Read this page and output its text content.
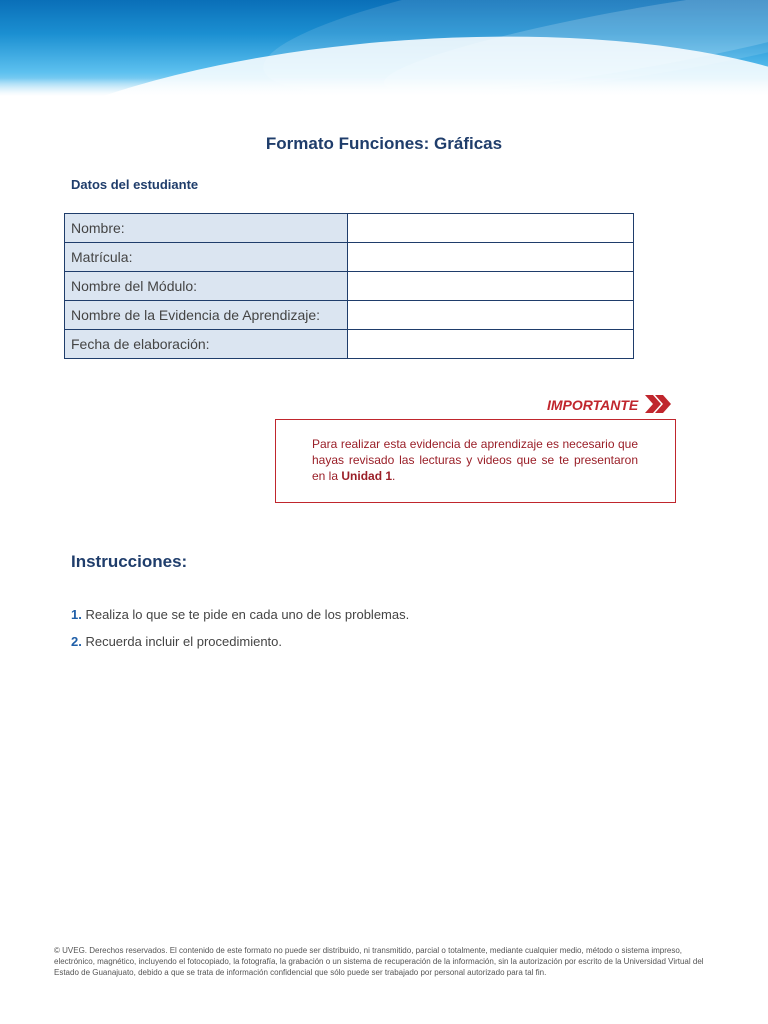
Formato Funciones: Gráficas
Datos del estudiante
Nombre:	
Matrícula:	
Nombre del Módulo:	
Nombre de la Evidencia de Aprendizaje:	
Fecha de elaboración:	
IMPORTANTE
Para realizar esta evidencia de aprendizaje es necesario que hayas revisado las lecturas y videos que se te presentaron en la Unidad 1.
Instrucciones:
1. Realiza lo que se te pide en cada uno de los problemas.
2. Recuerda incluir el procedimiento.
© UVEG. Derechos reservados. El contenido de este formato no puede ser distribuido, ni transmitido, parcial o totalmente, mediante cualquier medio, método o sistema impreso, electrónico, magnético, incluyendo el fotocopiado, la fotografía, la grabación o un sistema de recuperación de la información, sin la autorización por escrito de la Universidad Virtual del Estado de Guanajuato, debido a que se trata de información confidencial que sólo puede ser trabajado por personal autorizado para tal fin.
